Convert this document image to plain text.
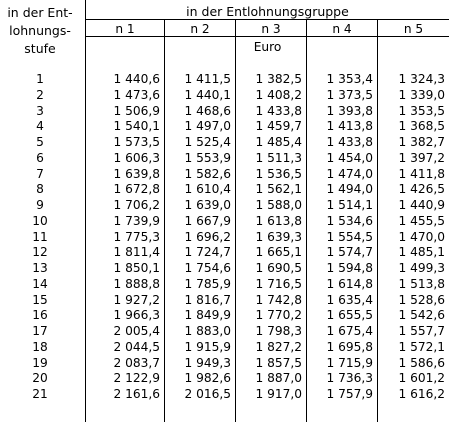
in der Ent-
lohnungs-
stufe
in der Entlohnungsgruppe
n 1	n 2	n 3	n 4	n 5
Euro
1	1 440,6	1 411,5	1 382,5	1 353,4	1 324,3
2	1 473,6	1 440,1	1 408,2	1 373,5	1 339,0
3	1 506,9	1 468,6	1 433,8	1 393,8	1 353,5
4	1 540,1	1 497,0	1 459,7	1 413,8	1 368,5
5	1 573,5	1 525,4	1 485,4	1 433,8	1 382,7
6	1 606,3	1 553,9	1 511,3	1 454,0	1 397,2
7	1 639,8	1 582,6	1 536,5	1 474,0	1 411,8
8	1 672,8	1 610,4	1 562,1	1 494,0	1 426,5
9	1 706,2	1 639,0	1 588,0	1 514,1	1 440,9
10	1 739,9	1 667,9	1 613,8	1 534,6	1 455,5
11	1 775,3	1 696,2	1 639,3	1 554,5	1 470,0
12	1 811,4	1 724,7	1 665,1	1 574,7	1 485,1
13	1 850,1	1 754,6	1 690,5	1 594,8	1 499,3
14	1 888,8	1 785,9	1 716,5	1 614,8	1 513,8
15	1 927,2	1 816,7	1 742,8	1 635,4	1 528,6
16	1 966,3	1 849,9	1 770,2	1 655,5	1 542,6
17	2 005,4	1 883,0	1 798,3	1 675,4	1 557,7
18	2 044,5	1 915,9	1 827,2	1 695,8	1 572,1
19	2 083,7	1 949,3	1 857,5	1 715,9	1 586,6
20	2 122,9	1 982,6	1 887,0	1 736,3	1 601,2
21	2 161,6	2 016,5	1 917,0	1 757,9	1 616,2
